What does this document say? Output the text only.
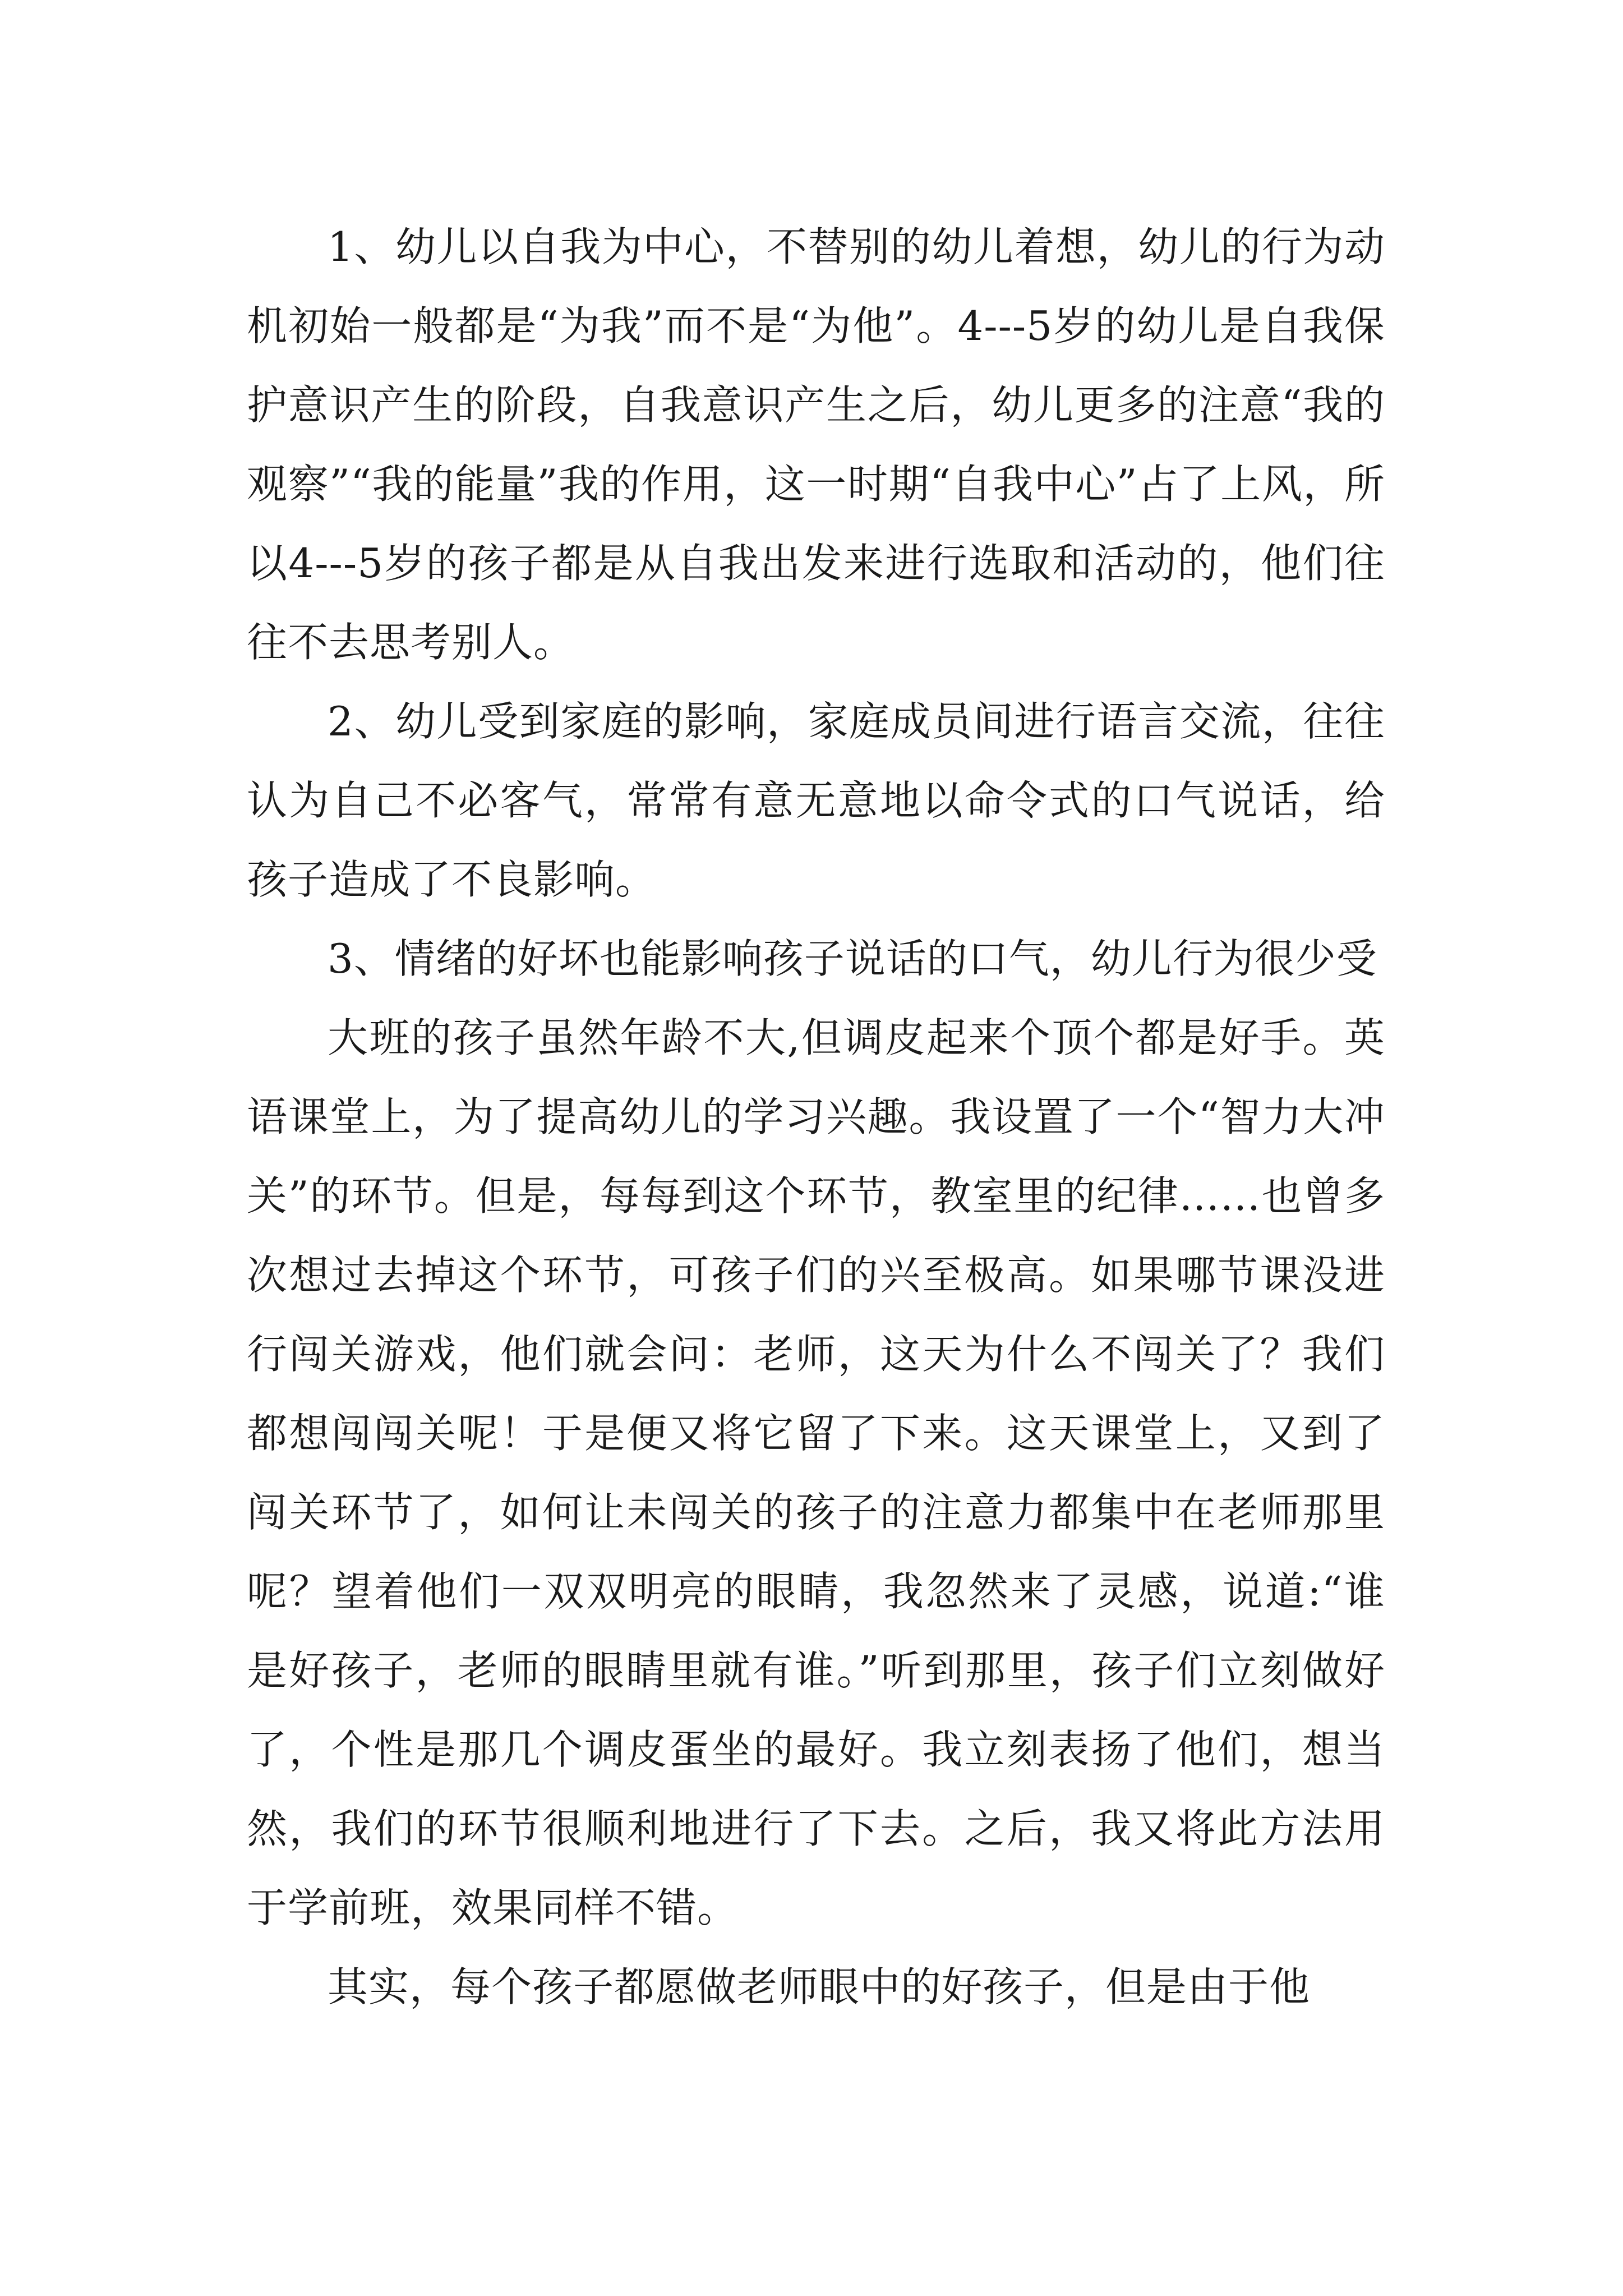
1、幼儿以自我为中心，不替别的幼儿着想，幼儿的行为动机初始一般都是“为我”而不是“为他”。4---5岁的幼儿是自我保护意识产生的阶段，自我意识产生之后，幼儿更多的注意“我的观察”“我的能量”我的作用，这一时期“自我中心”占了上风，所以4---5岁的孩子都是从自我出发来进行选取和活动的，他们往往不去思考别人。

2、幼儿受到家庭的影响，家庭成员间进行语言交流，往往认为自己不必客气，常常有意无意地以命令式的口气说话，给孩子造成了不良影响。

3、情绪的好坏也能影响孩子说话的口气，幼儿行为很少受

大班的孩子虽然年龄不大,但调皮起来个顶个都是好手。英语课堂上，为了提高幼儿的学习兴趣。我设置了一个“智力大冲关”的环节。但是，每每到这个环节，教室里的纪律……也曾多次想过去掉这个环节，可孩子们的兴至极高。如果哪节课没进行闯关游戏，他们就会问：老师，这天为什么不闯关了？我们都想闯闯关呢！于是便又将它留了下来。这天课堂上，又到了闯关环节了，如何让未闯关的孩子的注意力都集中在老师那里呢？望着他们一双双明亮的眼睛，我忽然来了灵感，说道:“谁是好孩子，老师的眼睛里就有谁。”听到那里，孩子们立刻做好了，个性是那几个调皮蛋坐的最好。我立刻表扬了他们，想当然，我们的环节很顺利地进行了下去。之后，我又将此方法用于学前班，效果同样不错。

其实，每个孩子都愿做老师眼中的好孩子，但是由于他
